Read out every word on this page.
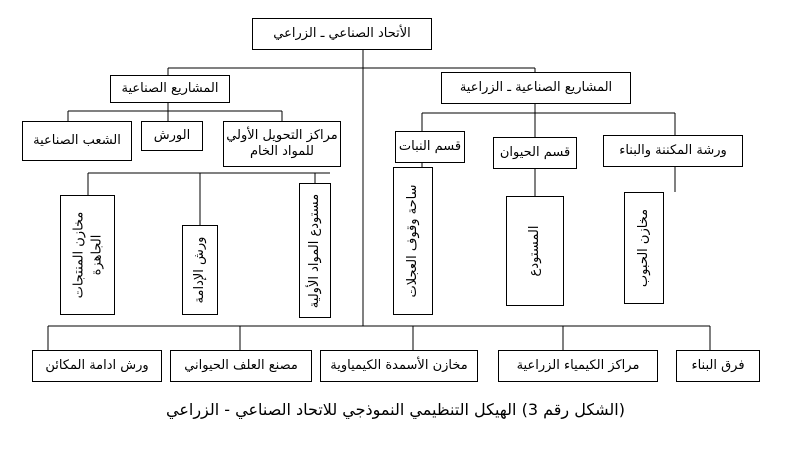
الأتحاد الصناعي ـ الزراعي
المشاريع الصناعية	المشاريع الصناعية ـ الزراعية
الشعب الصناعية	الورش	مراكز التحويل الأولي للمواد الخام
مخازن المنتجات الجاهزة	ورش الإدامة	مستودع المواد الأولية
قسم النبات	قسم الحيوان	ورشة المكننة والبناء
ساحة وقوف العجلات	المستودع	مخازن الحبوب
ورش ادامة المكائن	مصنع العلف الحيواني مخازن الأسمدة الكيمياوية	مراكز الكيمياء الزراعية	فرق البناء
(الشكل رقم 3) الهيكل التنظيمي النموذجي للاتحاد الصناعي - الزراعي
